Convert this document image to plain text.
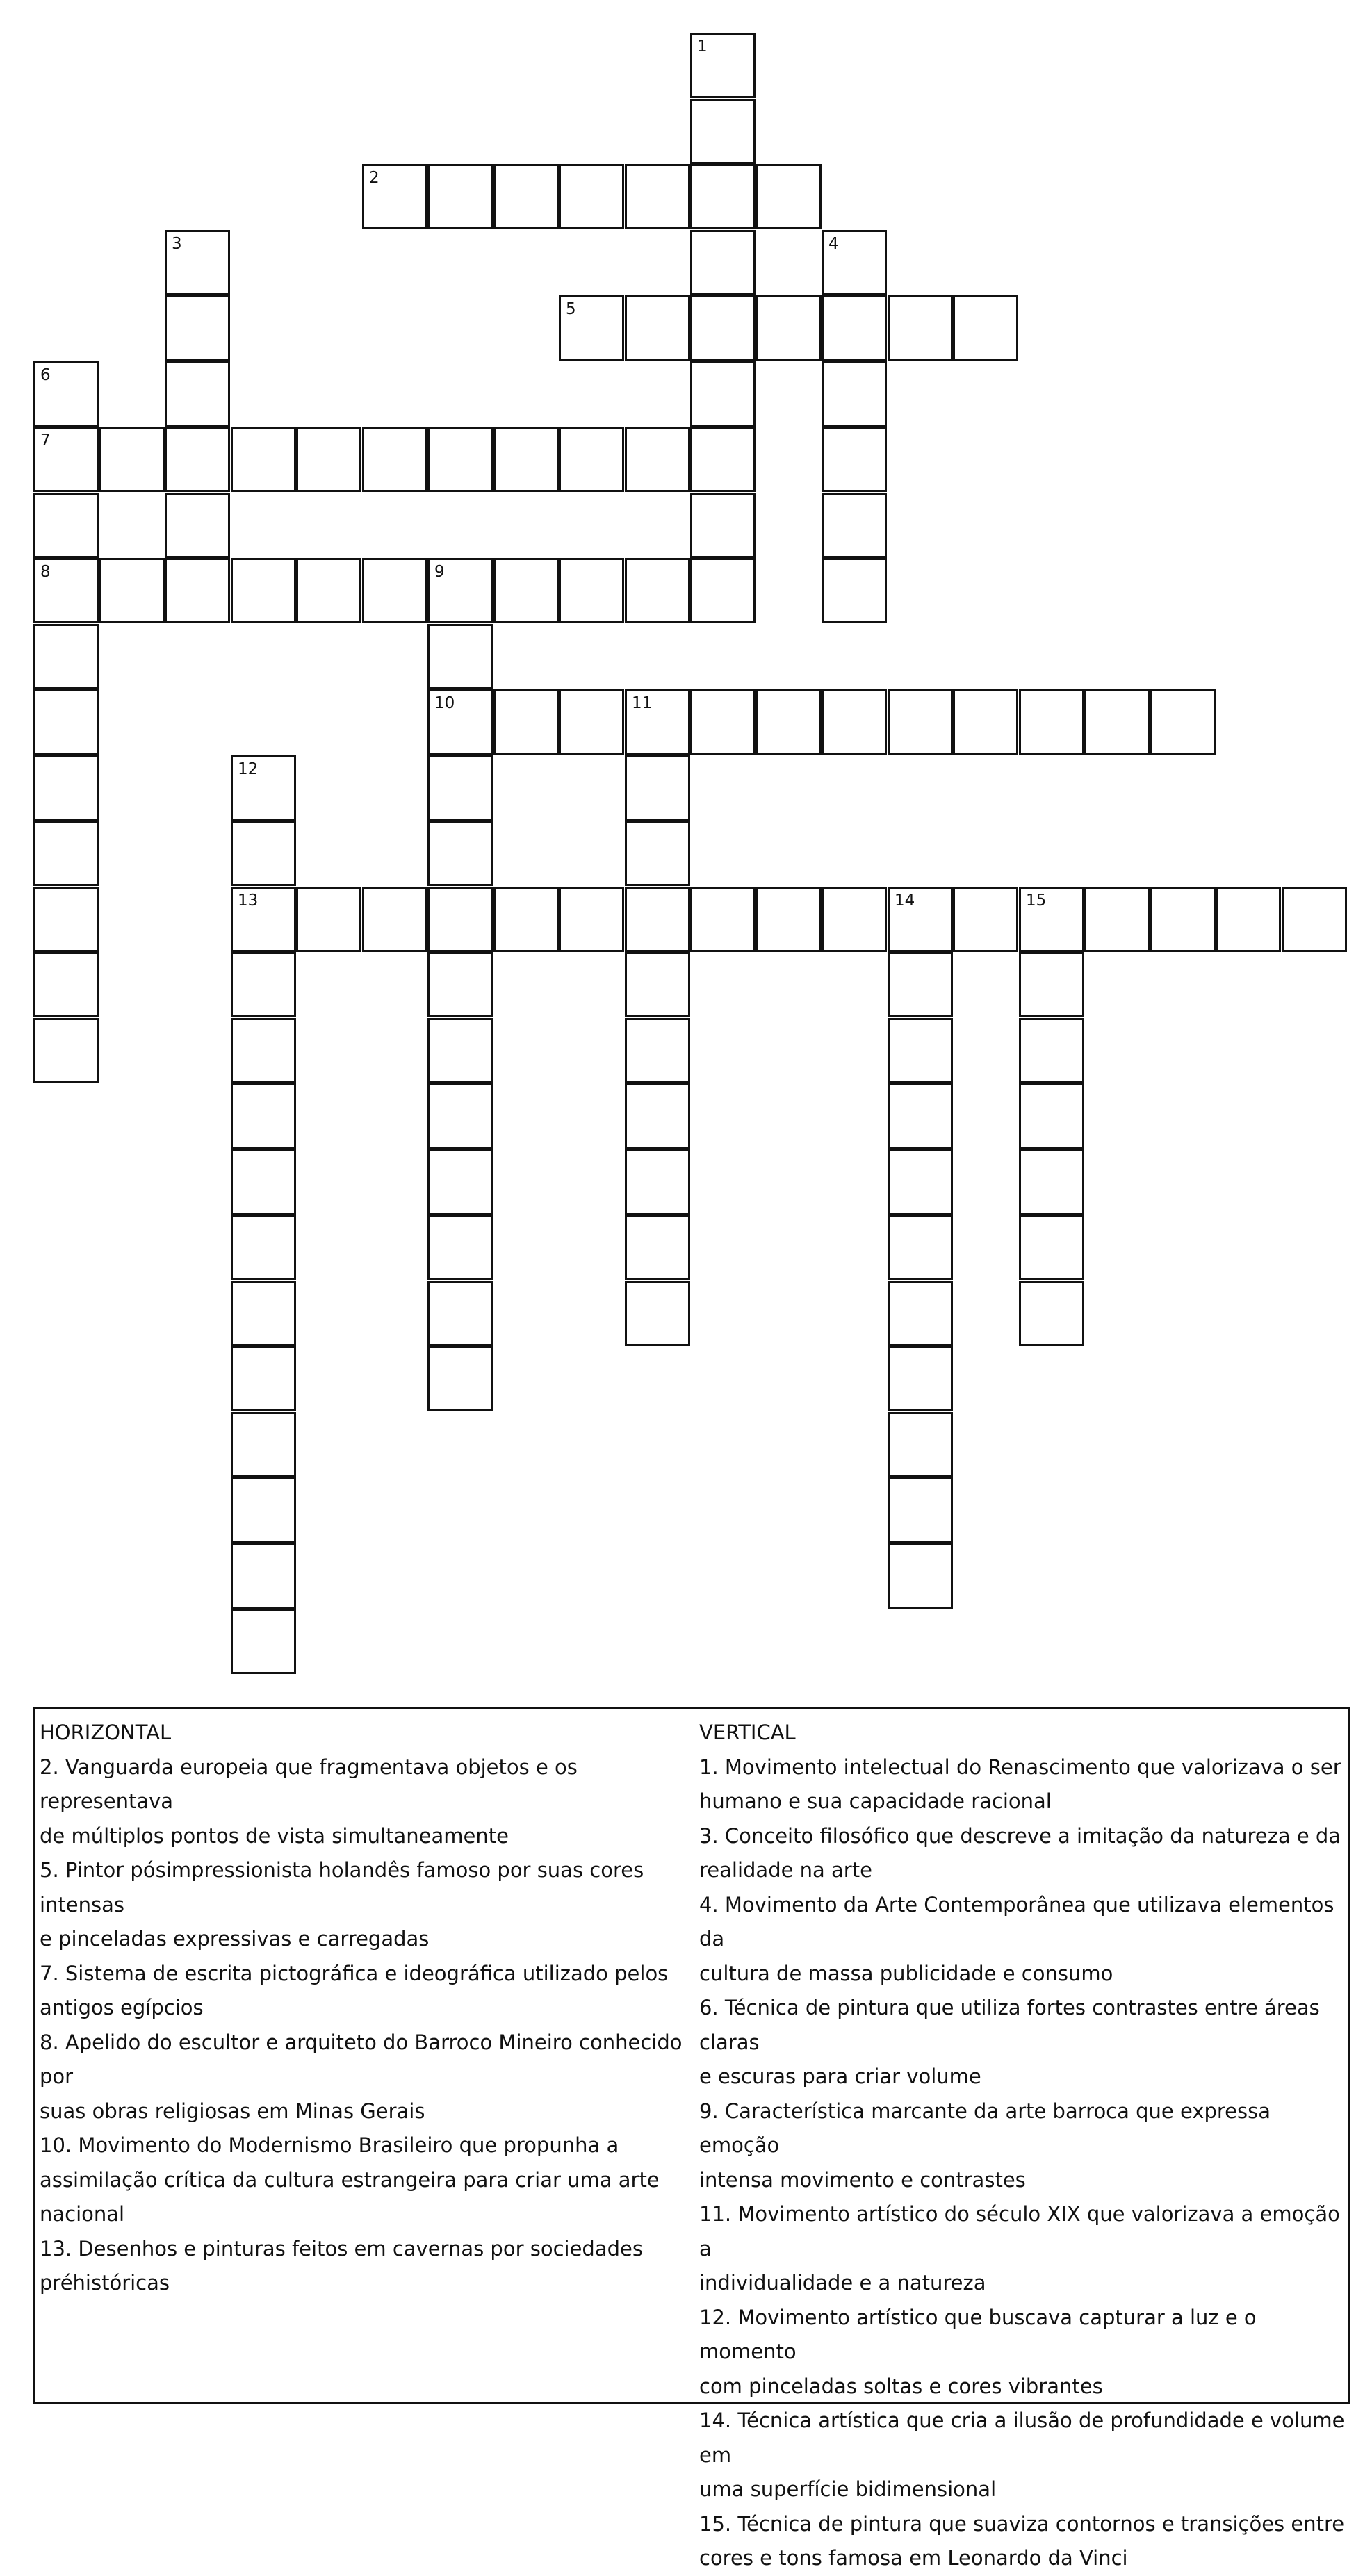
1
2
3	4
5
6
7
8	9
10	11
12
13	14	15

HORIZONTAL

2. Vanguarda europeia que fragmentava objetos e os representava

de múltiplos pontos de vista simultaneamente

5. Pintor pósimpressionista holandês famoso por suas cores intensas

e pinceladas expressivas e carregadas

7. Sistema de escrita pictográfica e ideográfica utilizado pelos

antigos egípcios

8. Apelido do escultor e arquiteto do Barroco Mineiro conhecido por

suas obras religiosas em Minas Gerais

10. Movimento do Modernismo Brasileiro que propunha a

assimilação crítica da cultura estrangeira para criar uma arte

nacional

13. Desenhos e pinturas feitos em cavernas por sociedades

préhistóricas

VERTICAL

1. Movimento intelectual do Renascimento que valorizava o ser

humano e sua capacidade racional

3. Conceito filosófico que descreve a imitação da natureza e da

realidade na arte

4. Movimento da Arte Contemporânea que utilizava elementos da

cultura de massa publicidade e consumo

6. Técnica de pintura que utiliza fortes contrastes entre áreas claras

e escuras para criar volume

9. Característica marcante da arte barroca que expressa emoção

intensa movimento e contrastes

11. Movimento artístico do século XIX que valorizava a emoção a

individualidade e a natureza

12. Movimento artístico que buscava capturar a luz e o momento

com pinceladas soltas e cores vibrantes

14. Técnica artística que cria a ilusão de profundidade e volume em

uma superfície bidimensional

15. Técnica de pintura que suaviza contornos e transições entre

cores e tons famosa em Leonardo da Vinci
